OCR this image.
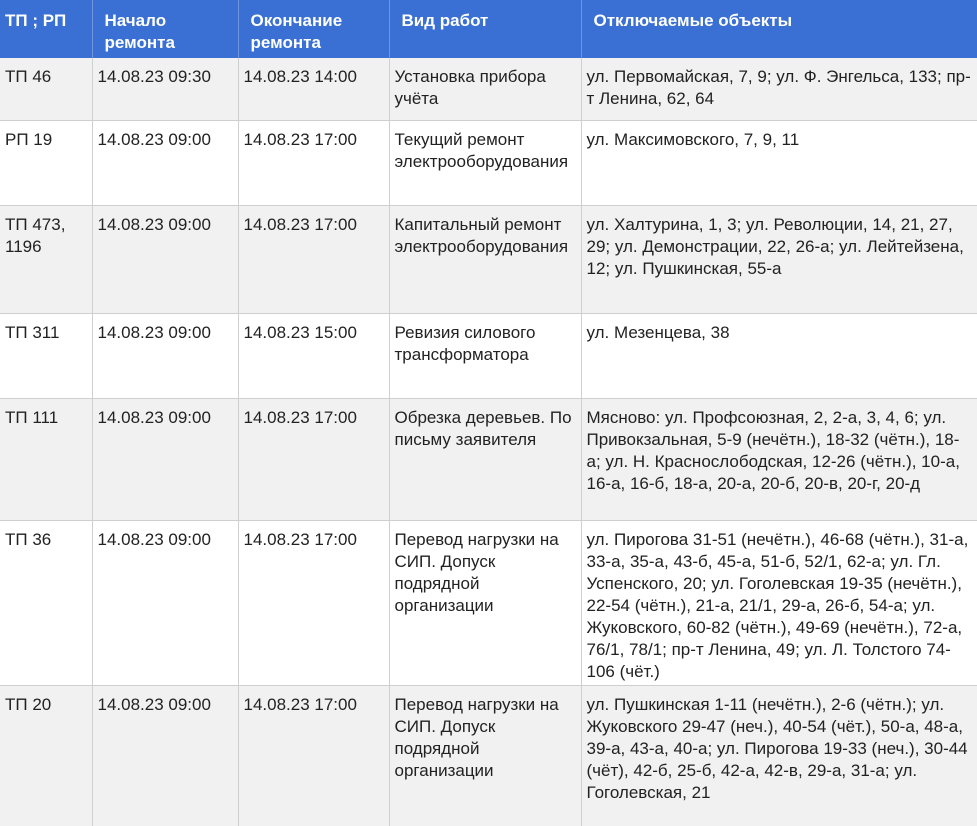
ТП ; РП	Начало ремонта	Окончание ремонта	Вид работ	Отключаемые объекты
ТП 46	14.08.23 09:30	14.08.23 14:00	Установка прибора учёта	ул. Первомайская, 7, 9; ул. Ф. Энгельса, 133; пр-т Ленина, 62, 64
РП 19	14.08.23 09:00	14.08.23 17:00	Текущий ремонт электрооборудования	ул. Максимовского, 7, 9, 11
ТП 473, 1196	14.08.23 09:00	14.08.23 17:00	Капитальный ремонт электрооборудования	ул. Халтурина, 1, 3; ул. Революции, 14, 21, 27, 29; ул. Демонстрации, 22, 26-а; ул. Лейтейзена, 12; ул. Пушкинская, 55-а
ТП 311	14.08.23 09:00	14.08.23 15:00	Ревизия силового трансформатора	ул. Мезенцева, 38
ТП 111	14.08.23 09:00	14.08.23 17:00	Обрезка деревьев. По письму заявителя	Мясново: ул. Профсоюзная, 2, 2-а, 3, 4, 6; ул. Привокзальная, 5-9 (нечётн.), 18-32 (чётн.), 18-а; ул. Н. Краснослободская, 12-26 (чётн.), 10-а, 16-а, 16-б, 18-а, 20-а, 20-б, 20-в, 20-г, 20-д
ТП 36	14.08.23 09:00	14.08.23 17:00	Перевод нагрузки на СИП. Допуск подрядной организации	ул. Пирогова 31-51 (нечётн.), 46-68 (чётн.), 31-а, 33-а, 35-а, 43-б, 45-а, 51-б, 52/1, 62-а; ул. Гл. Успенского, 20; ул. Гоголевская 19-35 (нечётн.), 22-54 (чётн.), 21-а, 21/1, 29-а, 26-б, 54-а; ул. Жуковского, 60-82 (чётн.), 49-69 (нечётн.), 72-а, 76/1, 78/1; пр-т Ленина, 49; ул. Л. Толстого 74-106 (чёт.)
ТП 20	14.08.23 09:00	14.08.23 17:00	Перевод нагрузки на СИП. Допуск подрядной организации	ул. Пушкинская 1-11 (нечётн.), 2-6 (чётн.); ул. Жуковского 29-47 (неч.), 40-54 (чёт.), 50-а, 48-а, 39-а, 43-а, 40-а; ул. Пирогова 19-33 (неч.), 30-44 (чёт), 42-б, 25-б, 42-а, 42-в, 29-а, 31-а; ул. Гоголевская, 21
